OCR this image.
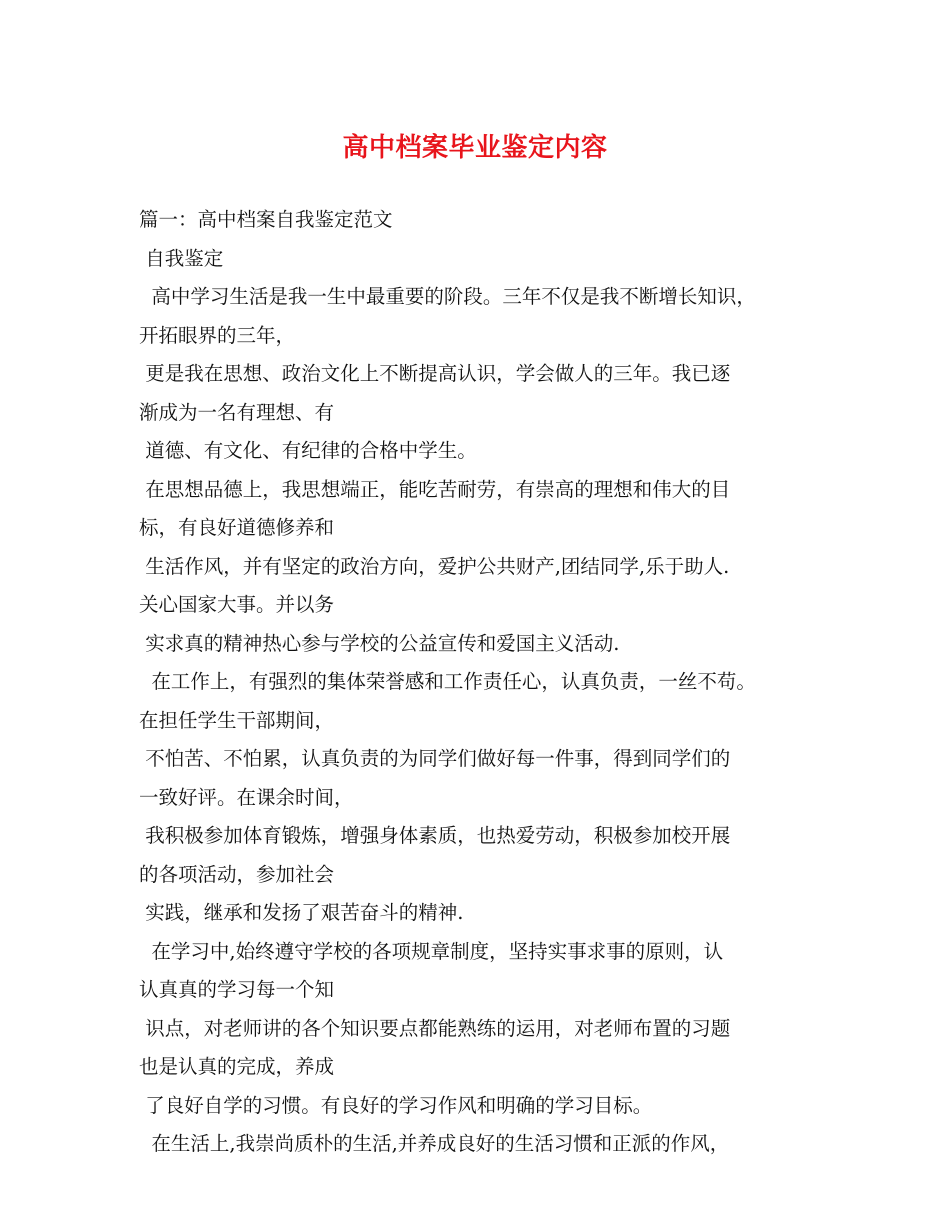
高中档案毕业鉴定内容
篇一：高中档案自我鉴定范文
自我鉴定
高中学习生活是我一生中最重要的阶段。三年不仅是我不断增长知识，
开拓眼界的三年，
更是我在思想、政治文化上不断提高认识，学会做人的三年。我已逐
渐成为一名有理想、有
道德、有文化、有纪律的合格中学生。
在思想品德上，我思想端正，能吃苦耐劳，有崇高的理想和伟大的目
标，有良好道德修养和
生活作风，并有坚定的政治方向，爱护公共财产,团结同学,乐于助人.
关心国家大事。并以务
实求真的精神热心参与学校的公益宣传和爱国主义活动.
在工作上，有强烈的集体荣誉感和工作责任心，认真负责，一丝不苟。
在担任学生干部期间，
不怕苦、不怕累，认真负责的为同学们做好每一件事，得到同学们的
一致好评。在课余时间，
我积极参加体育锻炼，增强身体素质，也热爱劳动，积极参加校开展
的各项活动，参加社会
实践，继承和发扬了艰苦奋斗的精神.
在学习中,始终遵守学校的各项规章制度，坚持实事求事的原则，认
认真真的学习每一个知
识点，对老师讲的各个知识要点都能熟练的运用，对老师布置的习题
也是认真的完成，养成
了良好自学的习惯。有良好的学习作风和明确的学习目标。
在生活上,我崇尚质朴的生活,并养成良好的生活习惯和正派的作风，
